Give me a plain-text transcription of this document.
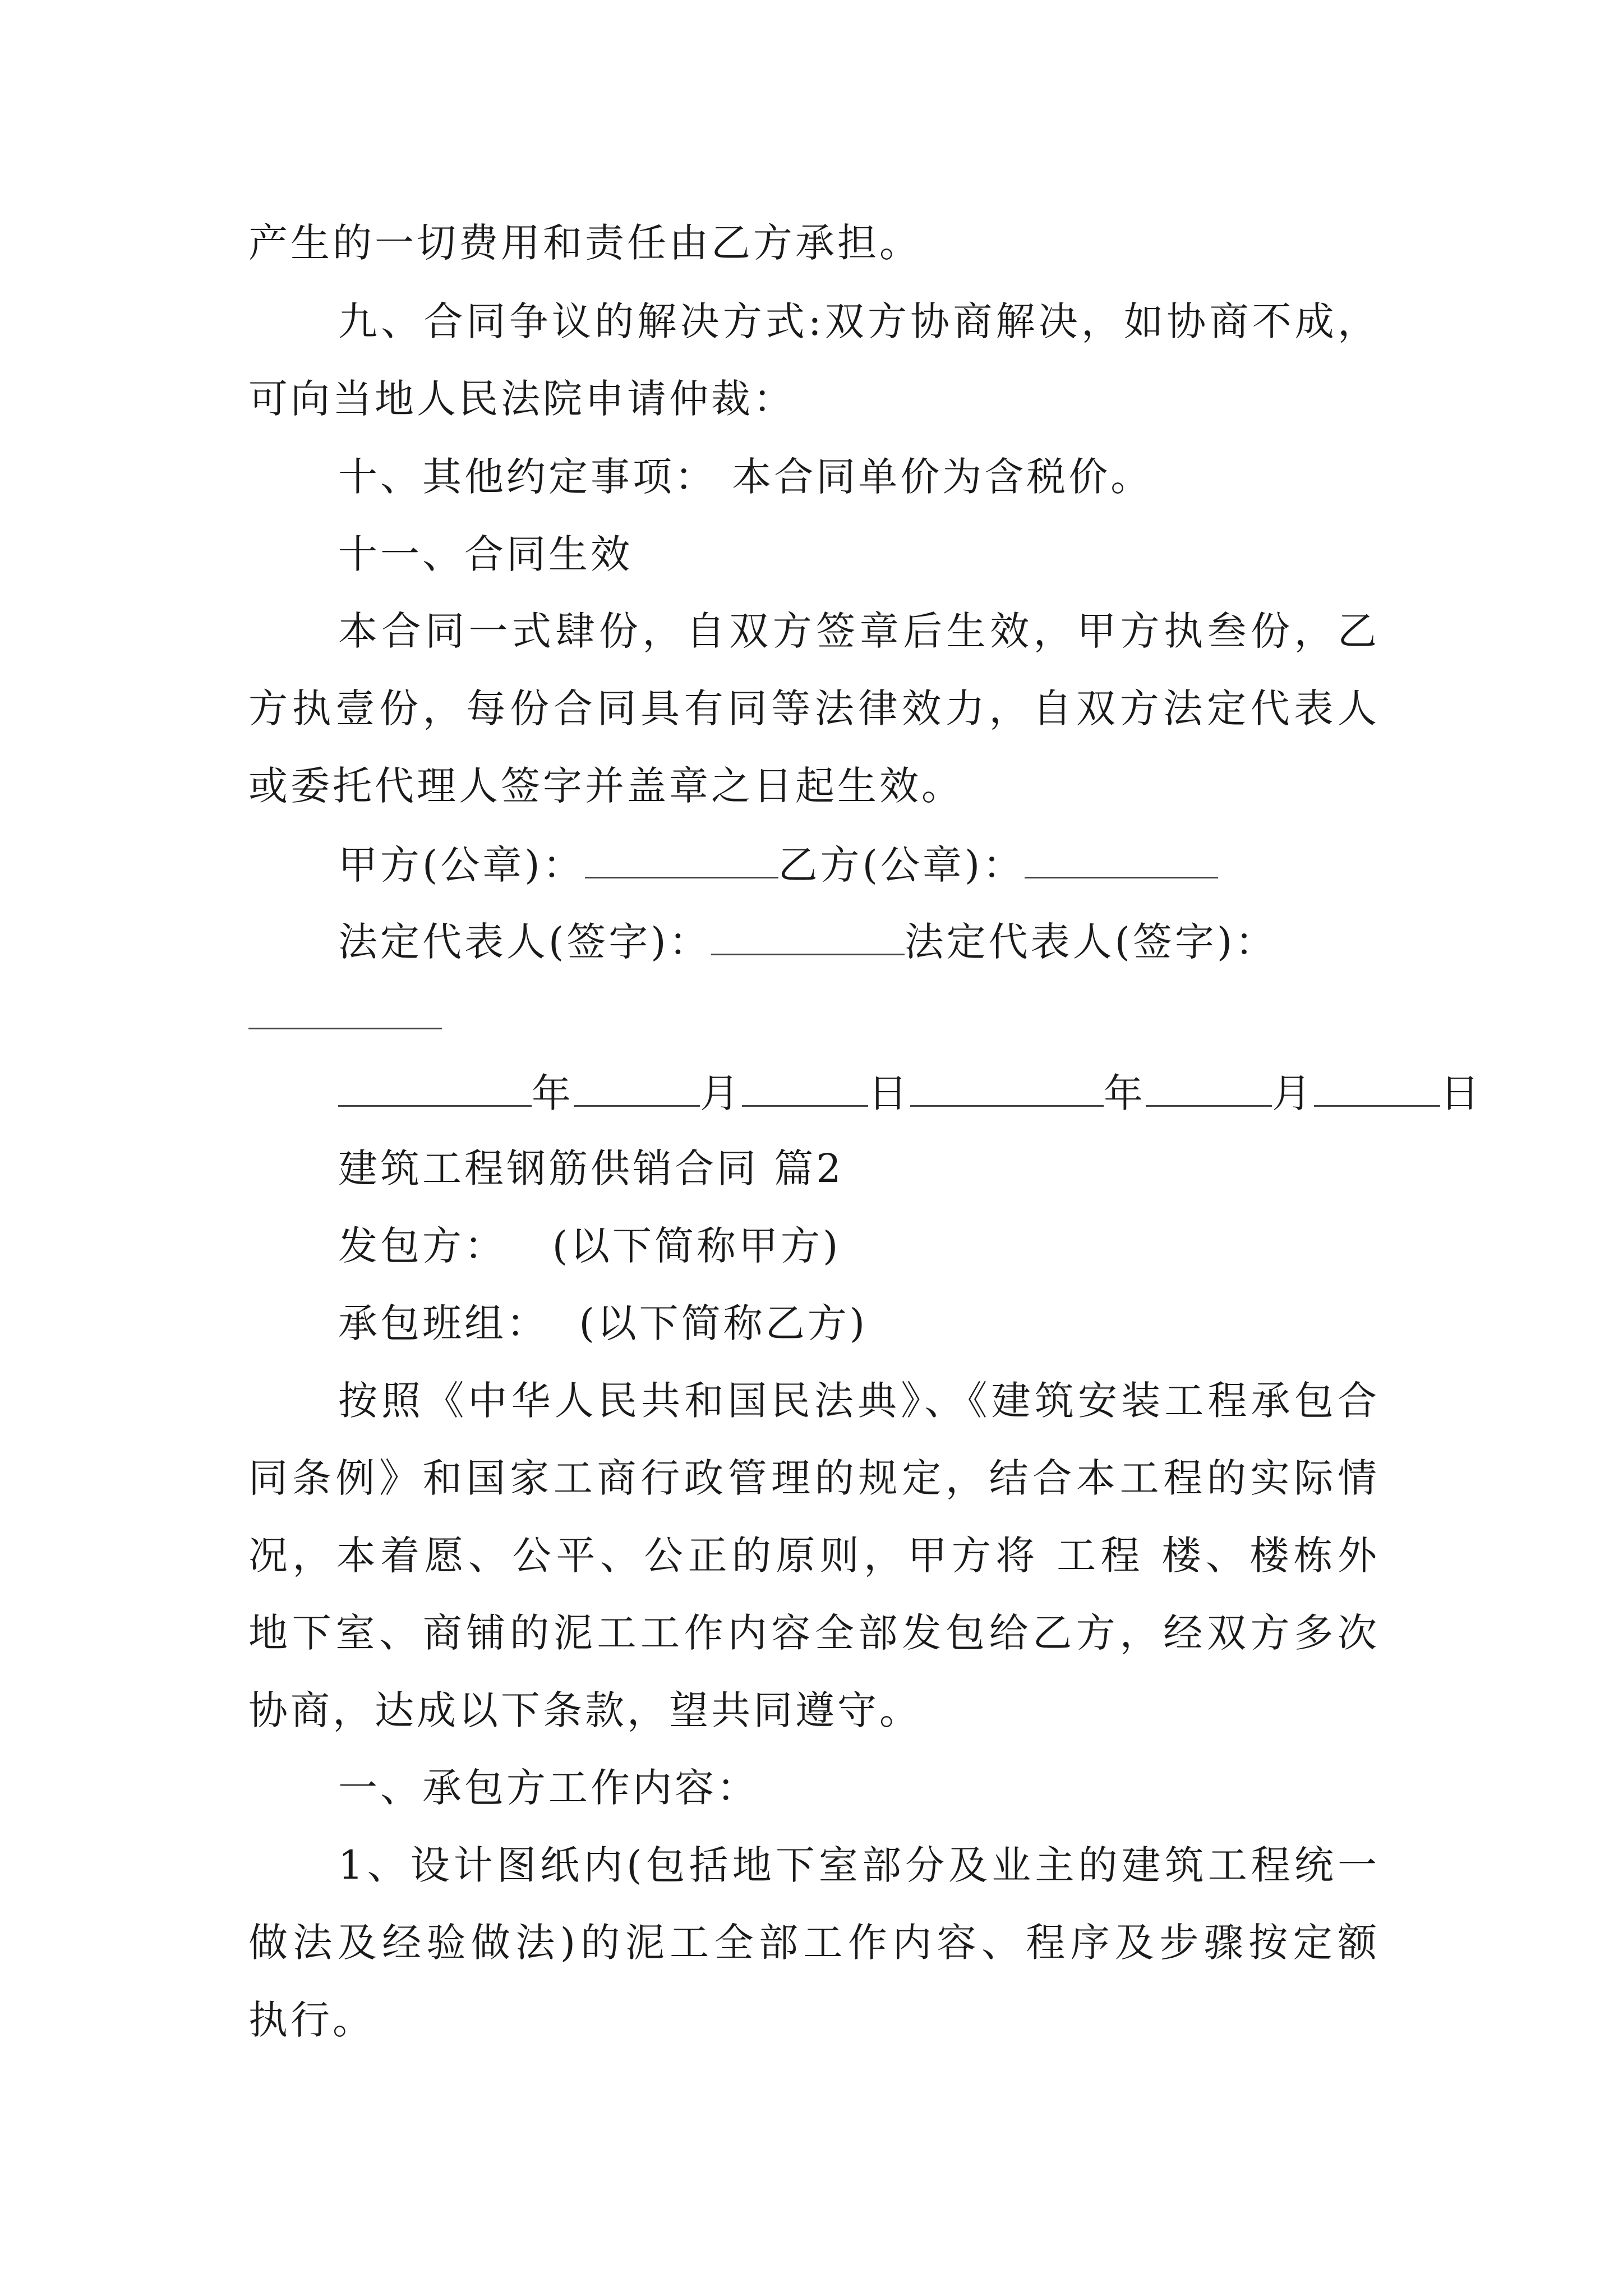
产生的一切费用和责任由乙方承担。
九、合同争议的解决方式:双方协商解决，如协商不成，
可向当地人民法院申请仲裁：
十、其他约定事项： 本合同单价为含税价。
十一、合同生效
本合同一式肆份，自双方签章后生效，甲方执叁份，乙
方执壹份，每份合同具有同等法律效力，自双方法定代表人
或委托代理人签字并盖章之日起生效。
甲方(公章)：	乙方(公章)：
法定代表人(签字)：	法定代表人(签字)：
年	月	日	年	月	日
建筑工程钢筋供销合同 篇2
发包方：   (以下简称甲方)
承包班组：  (以下简称乙方)
按照《中华人民共和国民法典》、《建筑安装工程承包合
同条例》和国家工商行政管理的规定，结合本工程的实际情
况，本着愿、公平、公正的原则，甲方将 工程 楼、楼栋外
地下室、商铺的泥工工作内容全部发包给乙方，经双方多次
协商，达成以下条款，望共同遵守。
一、承包方工作内容：
1、设计图纸内(包括地下室部分及业主的建筑工程统一
做法及经验做法)的泥工全部工作内容、程序及步骤按定额
执行。
